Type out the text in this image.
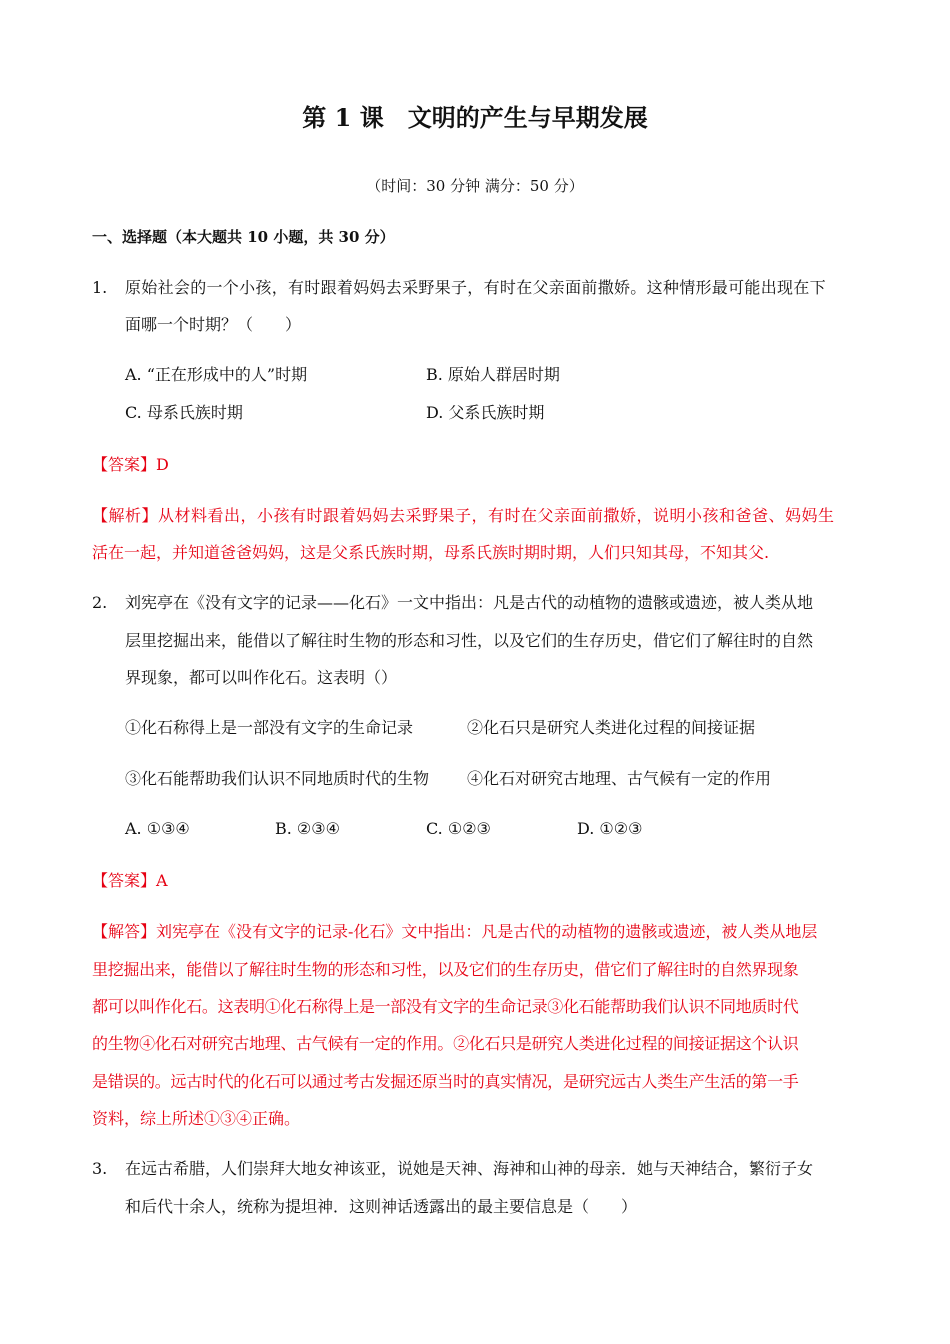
第 1 课　文明的产生与早期发展
（时间：30 分钟 满分：50 分）
一、选择题（本大题共 10 小题，共 30 分）
1. 原始社会的一个小孩，有时跟着妈妈去采野果子，有时在父亲面前撒娇。这种情形最可能出现在下
面哪一个时期？（　　）
A. “正在形成中的人”时期	B. 原始人群居时期
C. 母系氏族时期	D. 父系氏族时期
【答案】D
【解析】从材料看出，小孩有时跟着妈妈去采野果子，有时在父亲面前撒娇，说明小孩和爸爸、妈妈生
活在一起，并知道爸爸妈妈，这是父系氏族时期，母系氏族时期时期，人们只知其母，不知其父.
2. 刘宪亭在《没有文字的记录——化石》一文中指出：凡是古代的动植物的遗骸或遗迹，被人类从地
层里挖掘出来，能借以了解往时生物的形态和习性，以及它们的生存历史，借它们了解往时的自然
界现象，都可以叫作化石。这表明（）
①化石称得上是一部没有文字的生命记录	②化石只是研究人类进化过程的间接证据
③化石能帮助我们认识不同地质时代的生物 ④化石对研究古地理、古气候有一定的作用
A. ①③④	B. ②③④	C. ①②③	D. ①②③
【答案】A
【解答】刘宪亭在《没有文字的记录-化石》文中指出：凡是古代的动植物的遗骸或遗迹，被人类从地层
里挖掘出来，能借以了解往时生物的形态和习性，以及它们的生存历史，借它们了解往时的自然界现象
都可以叫作化石。这表明①化石称得上是一部没有文字的生命记录③化石能帮助我们认识不同地质时代
的生物④化石对研究古地理、古气候有一定的作用。②化石只是研究人类进化过程的间接证据这个认识
是错误的。远古时代的化石可以通过考古发掘还原当时的真实情况，是研究远古人类生产生活的第一手
资料，综上所述①③④正确。
3. 在远古希腊，人们崇拜大地女神该亚，说她是天神、海神和山神的母亲．她与天神结合，繁衍子女
和后代十余人，统称为提坦神．这则神话透露出的最主要信息是（　　）
